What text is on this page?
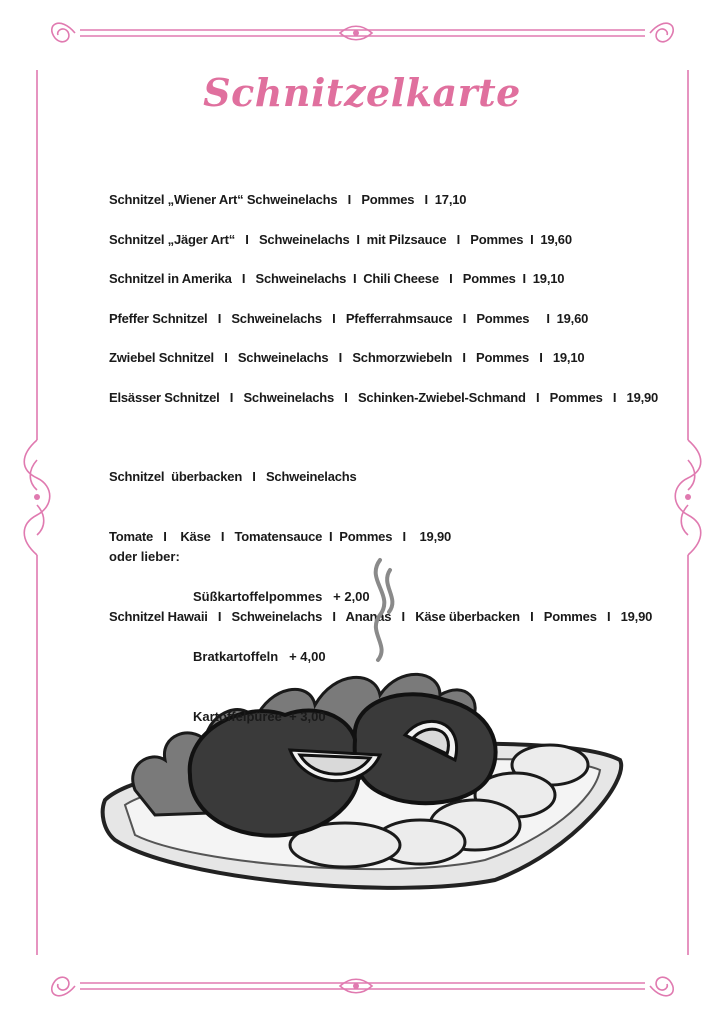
Schnitzelkarte
Schnitzel „Wiener Art“ Schweinelachs   I   Pommes   I  17,10
Schnitzel „Jäger Art“   I   Schweinelachs  I  mit Pilzsauce   I   Pommes  I  19,60
Schnitzel in Amerika   I   Schweinelachs  I  Chili Cheese   I   Pommes  I  19,10
Pfeffer Schnitzel   I   Schweinelachs   I   Pfefferrahmsauce   I   Pommes     I  19,60
Zwiebel Schnitzel   I   Schweinelachs   I   Schmorzwiebeln   I   Pommes   I   19,10
Elsässer Schnitzel   I   Schweinelachs   I   Schinken-Zwiebel-Schmand   I   Pommes   I   19,90

Schnitzel  überbacken   I   Schweinelachs

Tomate   I    Käse   I   Tomatensauce  I  Pommes   I    19,90

Schnitzel Hawaii   I   Schweinelachs   I   Ananas   I   Käse überbacken   I   Pommes   I   19,90
oder lieber:

Süßkartoffelpommes   + 2,00

Bratkartoffeln   + 4,00

Kartoffelpüree  + 3,00
